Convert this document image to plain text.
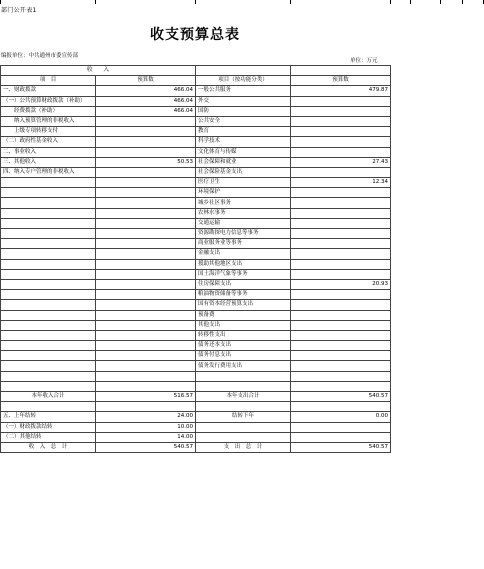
部门公开表1
收支预算总表
编报单位：中共通州市委宣传部
单位：万元
收　　入			
项　目	预算数	项目（按功能分类）	预算数
一、财政拨款	466.04	一般公共服务	479.87
（一）公共预算财政拨款（补助）	466.04	外交	
　　经费拨款（补助）	466.04	国防	
　　纳入预算管理的非税收入		公共安全	
　　上级专项转移支付		教育	
（二）政府性基金收入		科学技术	
二、事业收入		文化体育与传媒	
三、其他收入	50.53	社会保障和就业	27.43
四、纳入专户管理的非税收入		社会保险基金支出	
		医疗卫生	12.34
		环境保护	
		城乡社区事务	
		农林水事务	
		交通运输	
		资源勘探电力信息等事务	
		商业服务业等事务	
		金融支出	
		援助其他地区支出	
		国土海洋气象等事务	
		住房保障支出	20.93
		粮油物资储备等事务	
		国有资本经营预算支出	
		预备费	
		其他支出	
		转移性支出	
		债务还本支出	
		债务付息支出	
		债务发行费用支出	

本年收入合计	516.57	本年支出合计	540.57

五、上年结转	24.00	结转下年	0.00
（一）财政拨款结转	10.00		
（二）其他结转	14.00		
收　入　总　计	540.57	支　出　总　计	540.57
